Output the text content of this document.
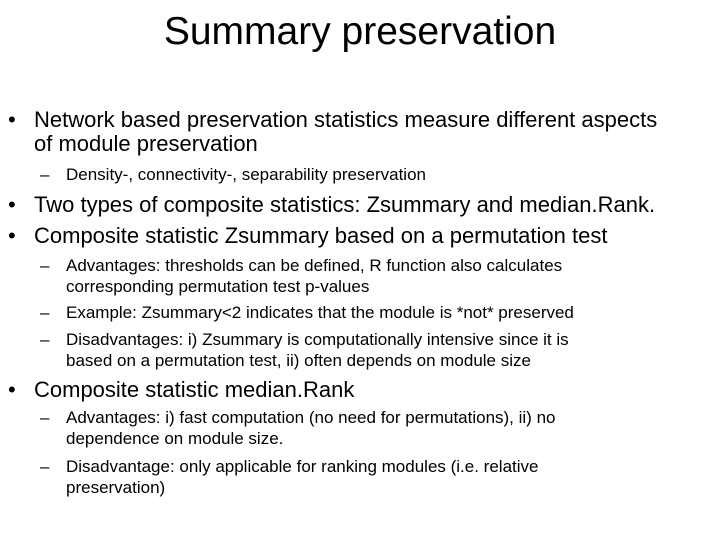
Summary preservation
• Network based preservation statistics measure different aspects
of module preservation
– Density-, connectivity-, separability preservation
• Two types of composite statistics: Zsummary and median.Rank.
• Composite statistic Zsummary based on a permutation test
– Advantages: thresholds can be defined, R function also calculates
corresponding permutation test p-values
– Example: Zsummary<2 indicates that the module is *not* preserved
– Disadvantages: i) Zsummary is computationally intensive since it is
based on a permutation test, ii) often depends on module size
• Composite statistic median.Rank
– Advantages: i) fast computation (no need for permutations), ii) no
dependence on module size.
– Disadvantage: only applicable for ranking modules (i.e. relative
preservation)
